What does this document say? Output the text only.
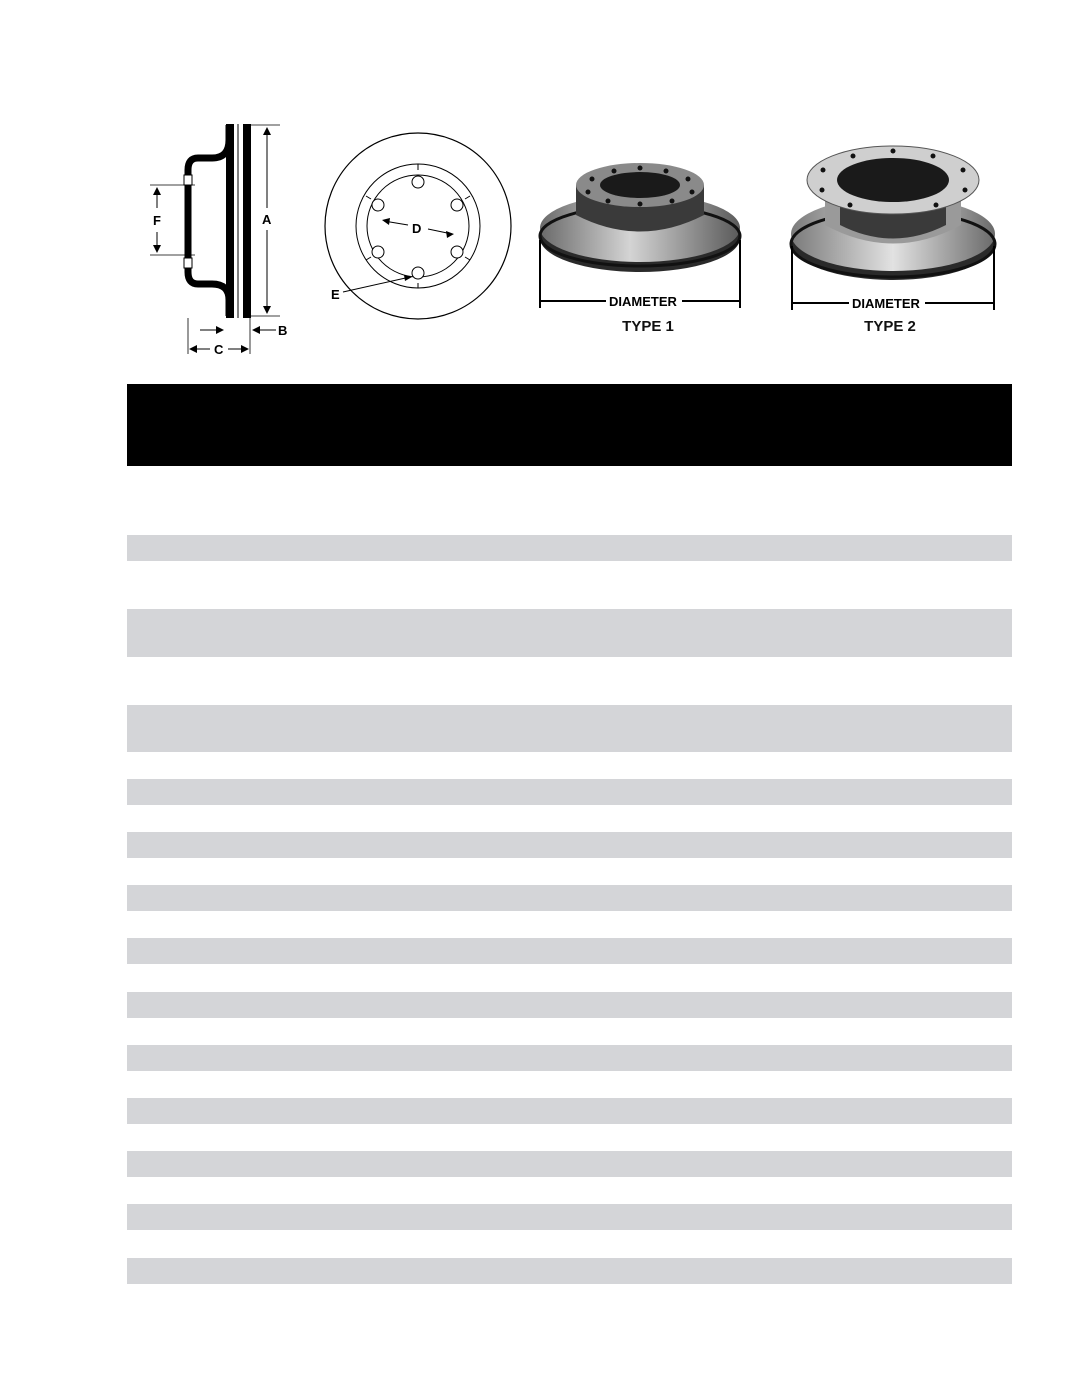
F	A
B
C
D
E	DIAMETER
TYPE 1
DIAMETER
TYPE 2
